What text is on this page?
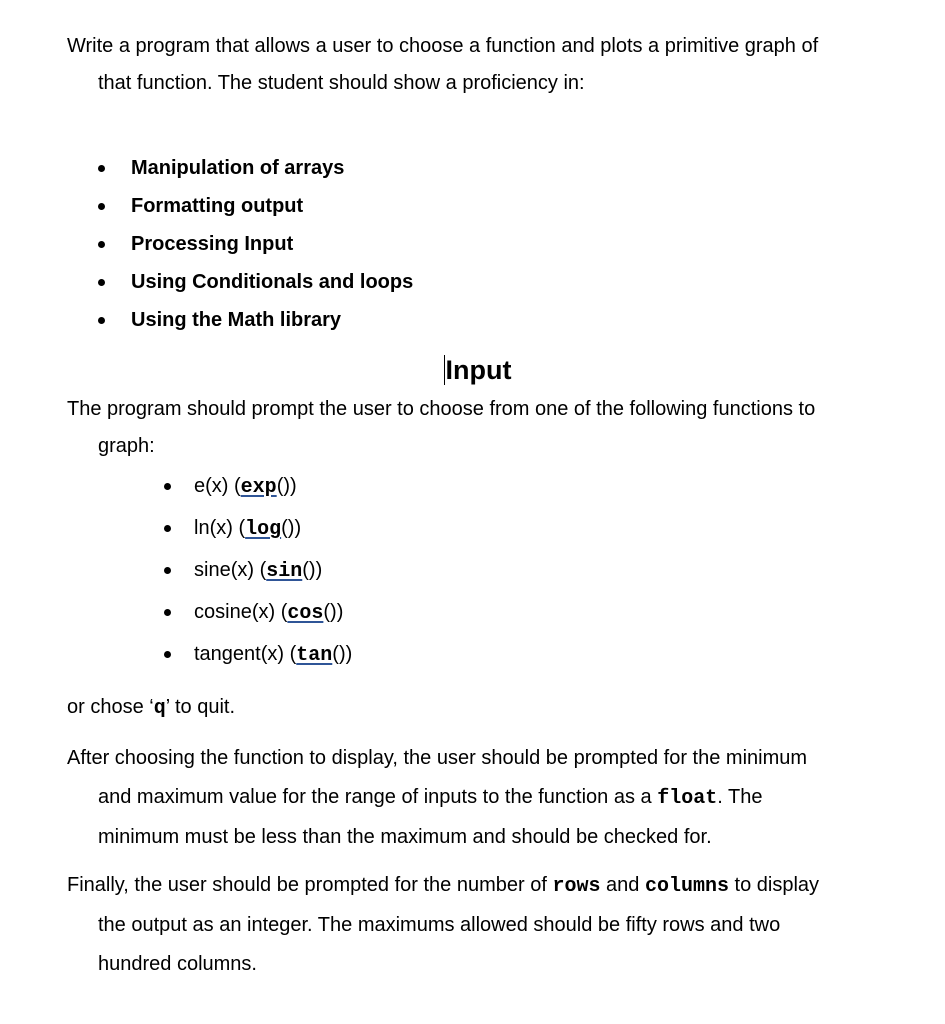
Write a program that allows a user to choose a function and plots a primitive graph of
that function. The student should show a proficiency in:

Manipulation of arrays
Formatting output
Processing Input
Using Conditionals and loops
Using the Math library
Input

The program should prompt the user to choose from one of the following functions to
graph:

e(x) (exp())
ln(x) (log())
sine(x) (sin())
cosine(x) (cos())
tangent(x) (tan())

or chose ‘q’ to quit.

After choosing the function to display, the user should be prompted for the minimum
and maximum value for the range of inputs to the function as a float. The
minimum must be less than the maximum and should be checked for.

Finally, the user should be prompted for the number of rows and columns to display
the output as an integer. The maximums allowed should be fifty rows and two
hundred columns.
